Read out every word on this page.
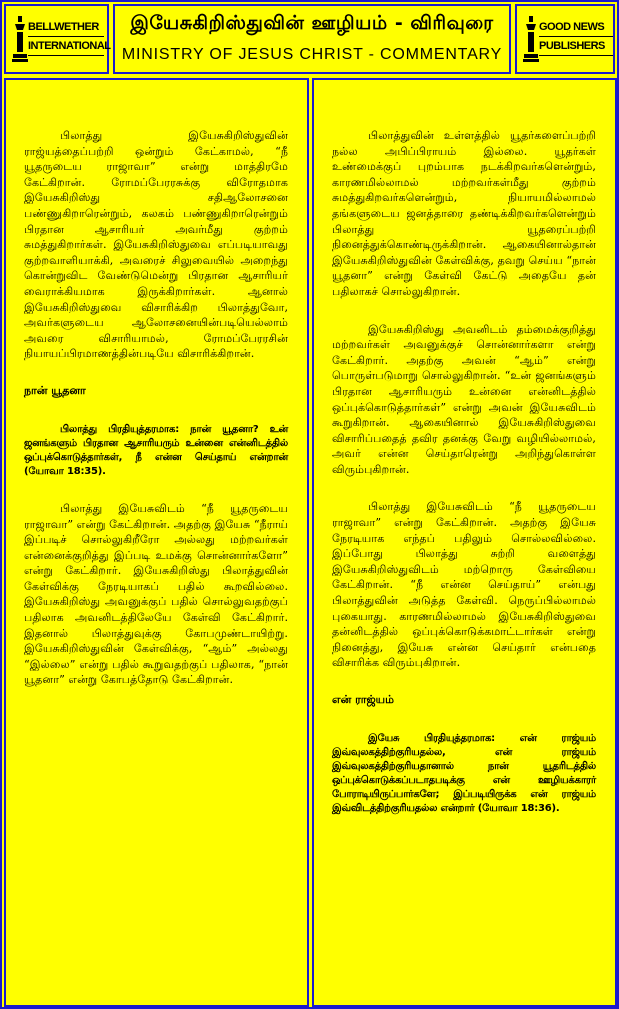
BELLWETHER
INTERNATIONAL
இயேசுகிறிஸ்துவின் ஊழியம் - விரிவுரை
MINISTRY OF JESUS CHRIST - COMMENTARY
GOOD NEWS
PUBLISHERS

பிலாத்து இயேசுகிறிஸ்துவின் ராஜ்யத்தைப்பற்றி ஒன்றும் கேட்காமல், “நீ யூதருடைய ராஜாவா” என்று மாத்திரமே கேட்கிறான். ரோமப்பேரரசுக்கு விரோதமாக இயேசுகிறிஸ்து சதிஆலோசனை பண்ணுகிறாரென்றும், கலகம் பண்ணுகிறாரென்றும் பிரதான ஆசாரியர் அவர்மீது குற்றம் சுமத்துகிறார்கள். இயேசுகிறிஸ்துவை எப்படியாவது குற்றவாளியாக்கி, அவரைச் சிலுவையில் அறைந்து கொன்றுவிட வேண்டுமென்று பிரதான ஆசாரியர் வைராக்கியமாக இருக்கிறார்கள். ஆனால் இயேசுகிறிஸ்துவை விசாரிக்கிற பிலாத்துவோ, அவர்களுடைய ஆலோசனையின்படியெல்லாம் அவரை விசாரியாமல், ரோமப்பேரரசின் நியாயப்பிரமாணத்தின்படியே விசாரிக்கிறான்.

நான் யூதனா
பிலாத்து பிரதியுத்தரமாக: நான் யூதனா? உன் ஜனங்களும் பிரதான ஆசாரியரும் உன்னை என்னிடத்தில் ஒப்புக்கொடுத்தார்கள், நீ என்ன செய்தாய் என்றான் (யோவா 18:35).

பிலாத்து இயேசுவிடம் “நீ யூதருடைய ராஜாவா” என்று கேட்கிறான். அதற்கு இயேசு “நீராய் இப்படிச் சொல்லுகிறீரோ அல்லது மற்றவர்கள் என்னைக்குறித்து இப்படி உமக்கு சொன்னார்களோ” என்று கேட்கிறார். இயேசுகிறிஸ்து பிலாத்துவின் கேள்விக்கு நேரடியாகப் பதில் கூறவில்லை. இயேசுகிறிஸ்து அவனுக்குப் பதில் சொல்லுவதற்குப் பதிலாக அவனிடத்திலேயே கேள்வி கேட்கிறார். இதனால் பிலாத்துவுக்கு கோபமுண்டாயிற்று. இயேசுகிறிஸ்துவின் கேள்விக்கு, “ஆம்” அல்லது “இல்லை” என்று பதில் கூறுவதற்குப் பதிலாக, “நான் யூதனா” என்று கோபத்தோடு கேட்கிறான்.

பிலாத்துவின் உள்ளத்தில் யூதர்களைப்பற்றி நல்ல அபிப்பிராயம் இல்லை. யூதர்கள் உண்மைக்குப் புறம்பாக நடக்கிறவர்களென்றும், காரணமில்லாமல் மற்றவர்கள்மீது குற்றம் சுமத்துகிறவர்களென்றும், நியாயமில்லாமல் தங்களுடைய ஜனத்தாரை தண்டிக்கிறவர்களென்றும் பிலாத்து யூதரைப்பற்றி நினைத்துக்கொண்டிருக்கிறான். ஆகையினால்தான் இயேசுகிறிஸ்துவின் கேள்விக்கு, தவறு செய்ய “நான் யூதனா” என்று கேள்வி கேட்டு அதையே தன் பதிலாகச் சொல்லுகிறான்.

இயேசுகிறிஸ்து அவனிடம் தம்மைக்குறித்து மற்றவர்கள் அவனுக்குச் சொன்னார்களா என்று கேட்கிறார். அதற்கு அவன் “ஆம்” என்று பொருள்படுமாறு சொல்லுகிறான். “உன் ஜனங்களும் பிரதான ஆசாரியரும் உன்னை என்னிடத்தில் ஒப்புக்கொடுத்தார்கள்” என்று அவன் இயேசுவிடம் கூறுகிறான். ஆகையினால் இயேசுகிறிஸ்துவை விசாரிப்பதைத் தவிர தனக்கு வேறு வழியில்லாமல், அவர் என்ன செய்தாரென்று அறிந்துகொள்ள விரும்புகிறான்.

பிலாத்து இயேசுவிடம் “நீ யூதருடைய ராஜாவா” என்று கேட்கிறான். அதற்கு இயேசு நேரடியாக எந்தப் பதிலும் சொல்லவில்லை. இப்போது பிலாத்து சுற்றி வளைத்து இயேசுகிறிஸ்துவிடம் மற்றொரு கேள்வியை கேட்கிறான். “நீ என்ன செய்தாய்” என்பது பிலாத்துவின் அடுத்த கேள்வி. நெருப்பில்லாமல் புகையாது. காரணமில்லாமல் இயேசுகிறிஸ்துவை தன்னிடத்தில் ஒப்புக்கொடுக்கமாட்டார்கள் என்று நினைத்து, இயேசு என்ன செய்தார் என்பதை விசாரிக்க விரும்புகிறான்.

என் ராஜ்யம்
இயேசு பிரதியுத்தரமாக: என் ராஜ்யம் இவ்வுலகத்திற்குரியதல்ல, என் ராஜ்யம் இவ்வுலகத்திற்குரியதானால் நான் யூதரிடத்தில் ஒப்புக்கொடுக்கப்படாதபடிக்கு என் ஊழியக்காரர் போராடியிருப்பார்களே; இப்படியிருக்க என் ராஜ்யம் இவ்விடத்திற்குரியதல்ல என்றார் (யோவா 18:36).
